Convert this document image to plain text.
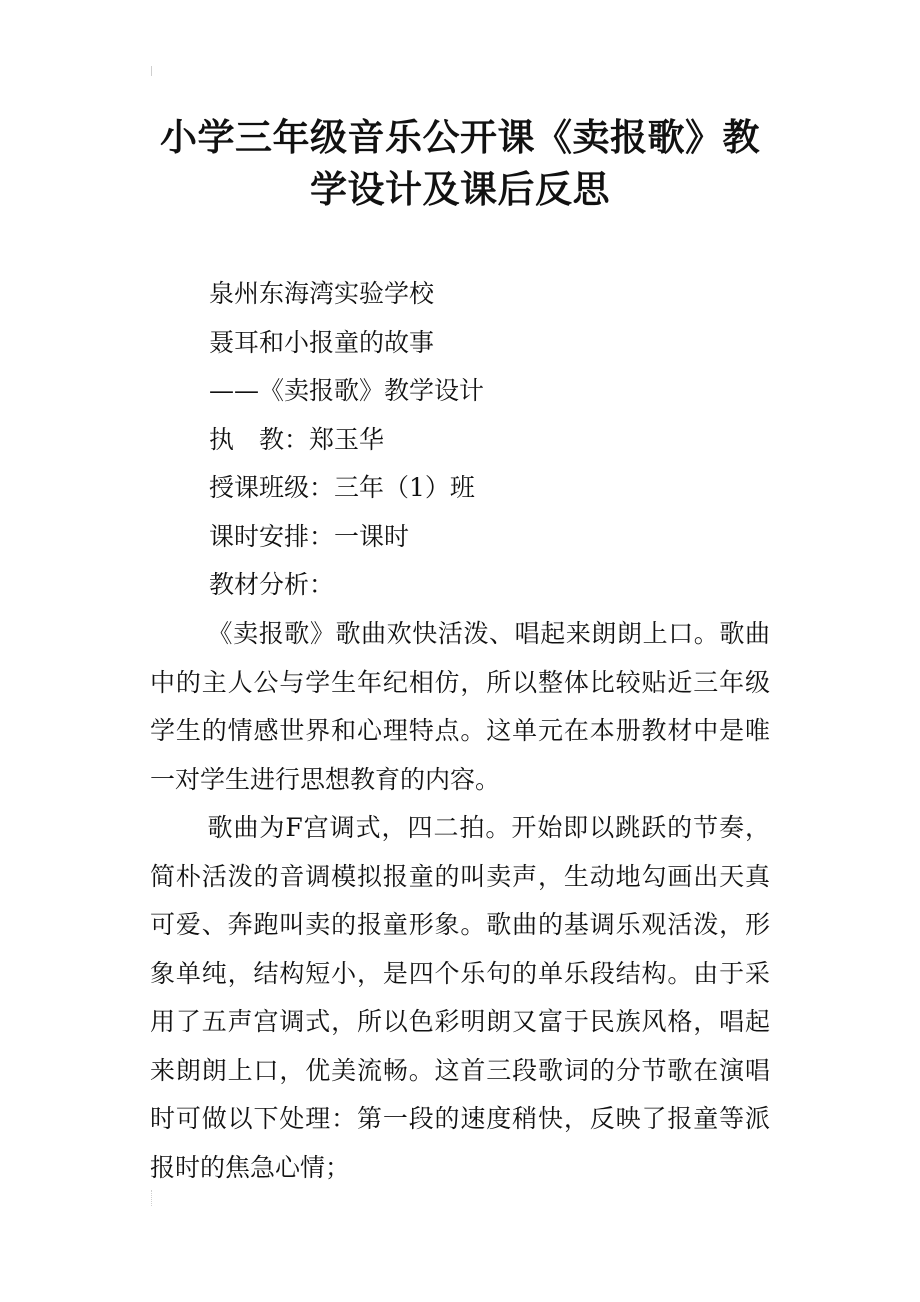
小学三年级音乐公开课《卖报歌》教
学设计及课后反思
泉州东海湾实验学校
聂耳和小报童的故事
——《卖报歌》教学设计
执　教：郑玉华
授课班级：三年（1）班
课时安排：一课时
教材分析：

《卖报歌》歌曲欢快活泼、唱起来朗朗上口。歌曲中的主人公与学生年纪相仿，所以整体比较贴近三年级学生的情感世界和心理特点。这单元在本册教材中是唯一对学生进行思想教育的内容。

歌曲为F宫调式，四二拍。开始即以跳跃的节奏，简朴活泼的音调模拟报童的叫卖声，生动地勾画出天真可爱、奔跑叫卖的报童形象。歌曲的基调乐观活泼，形象单纯，结构短小，是四个乐句的单乐段结构。由于采用了五声宫调式，所以色彩明朗又富于民族风格，唱起来朗朗上口，优美流畅。这首三段歌词的分节歌在演唱时可做以下处理：第一段的速度稍快，反映了报童等派报时的焦急心情；
